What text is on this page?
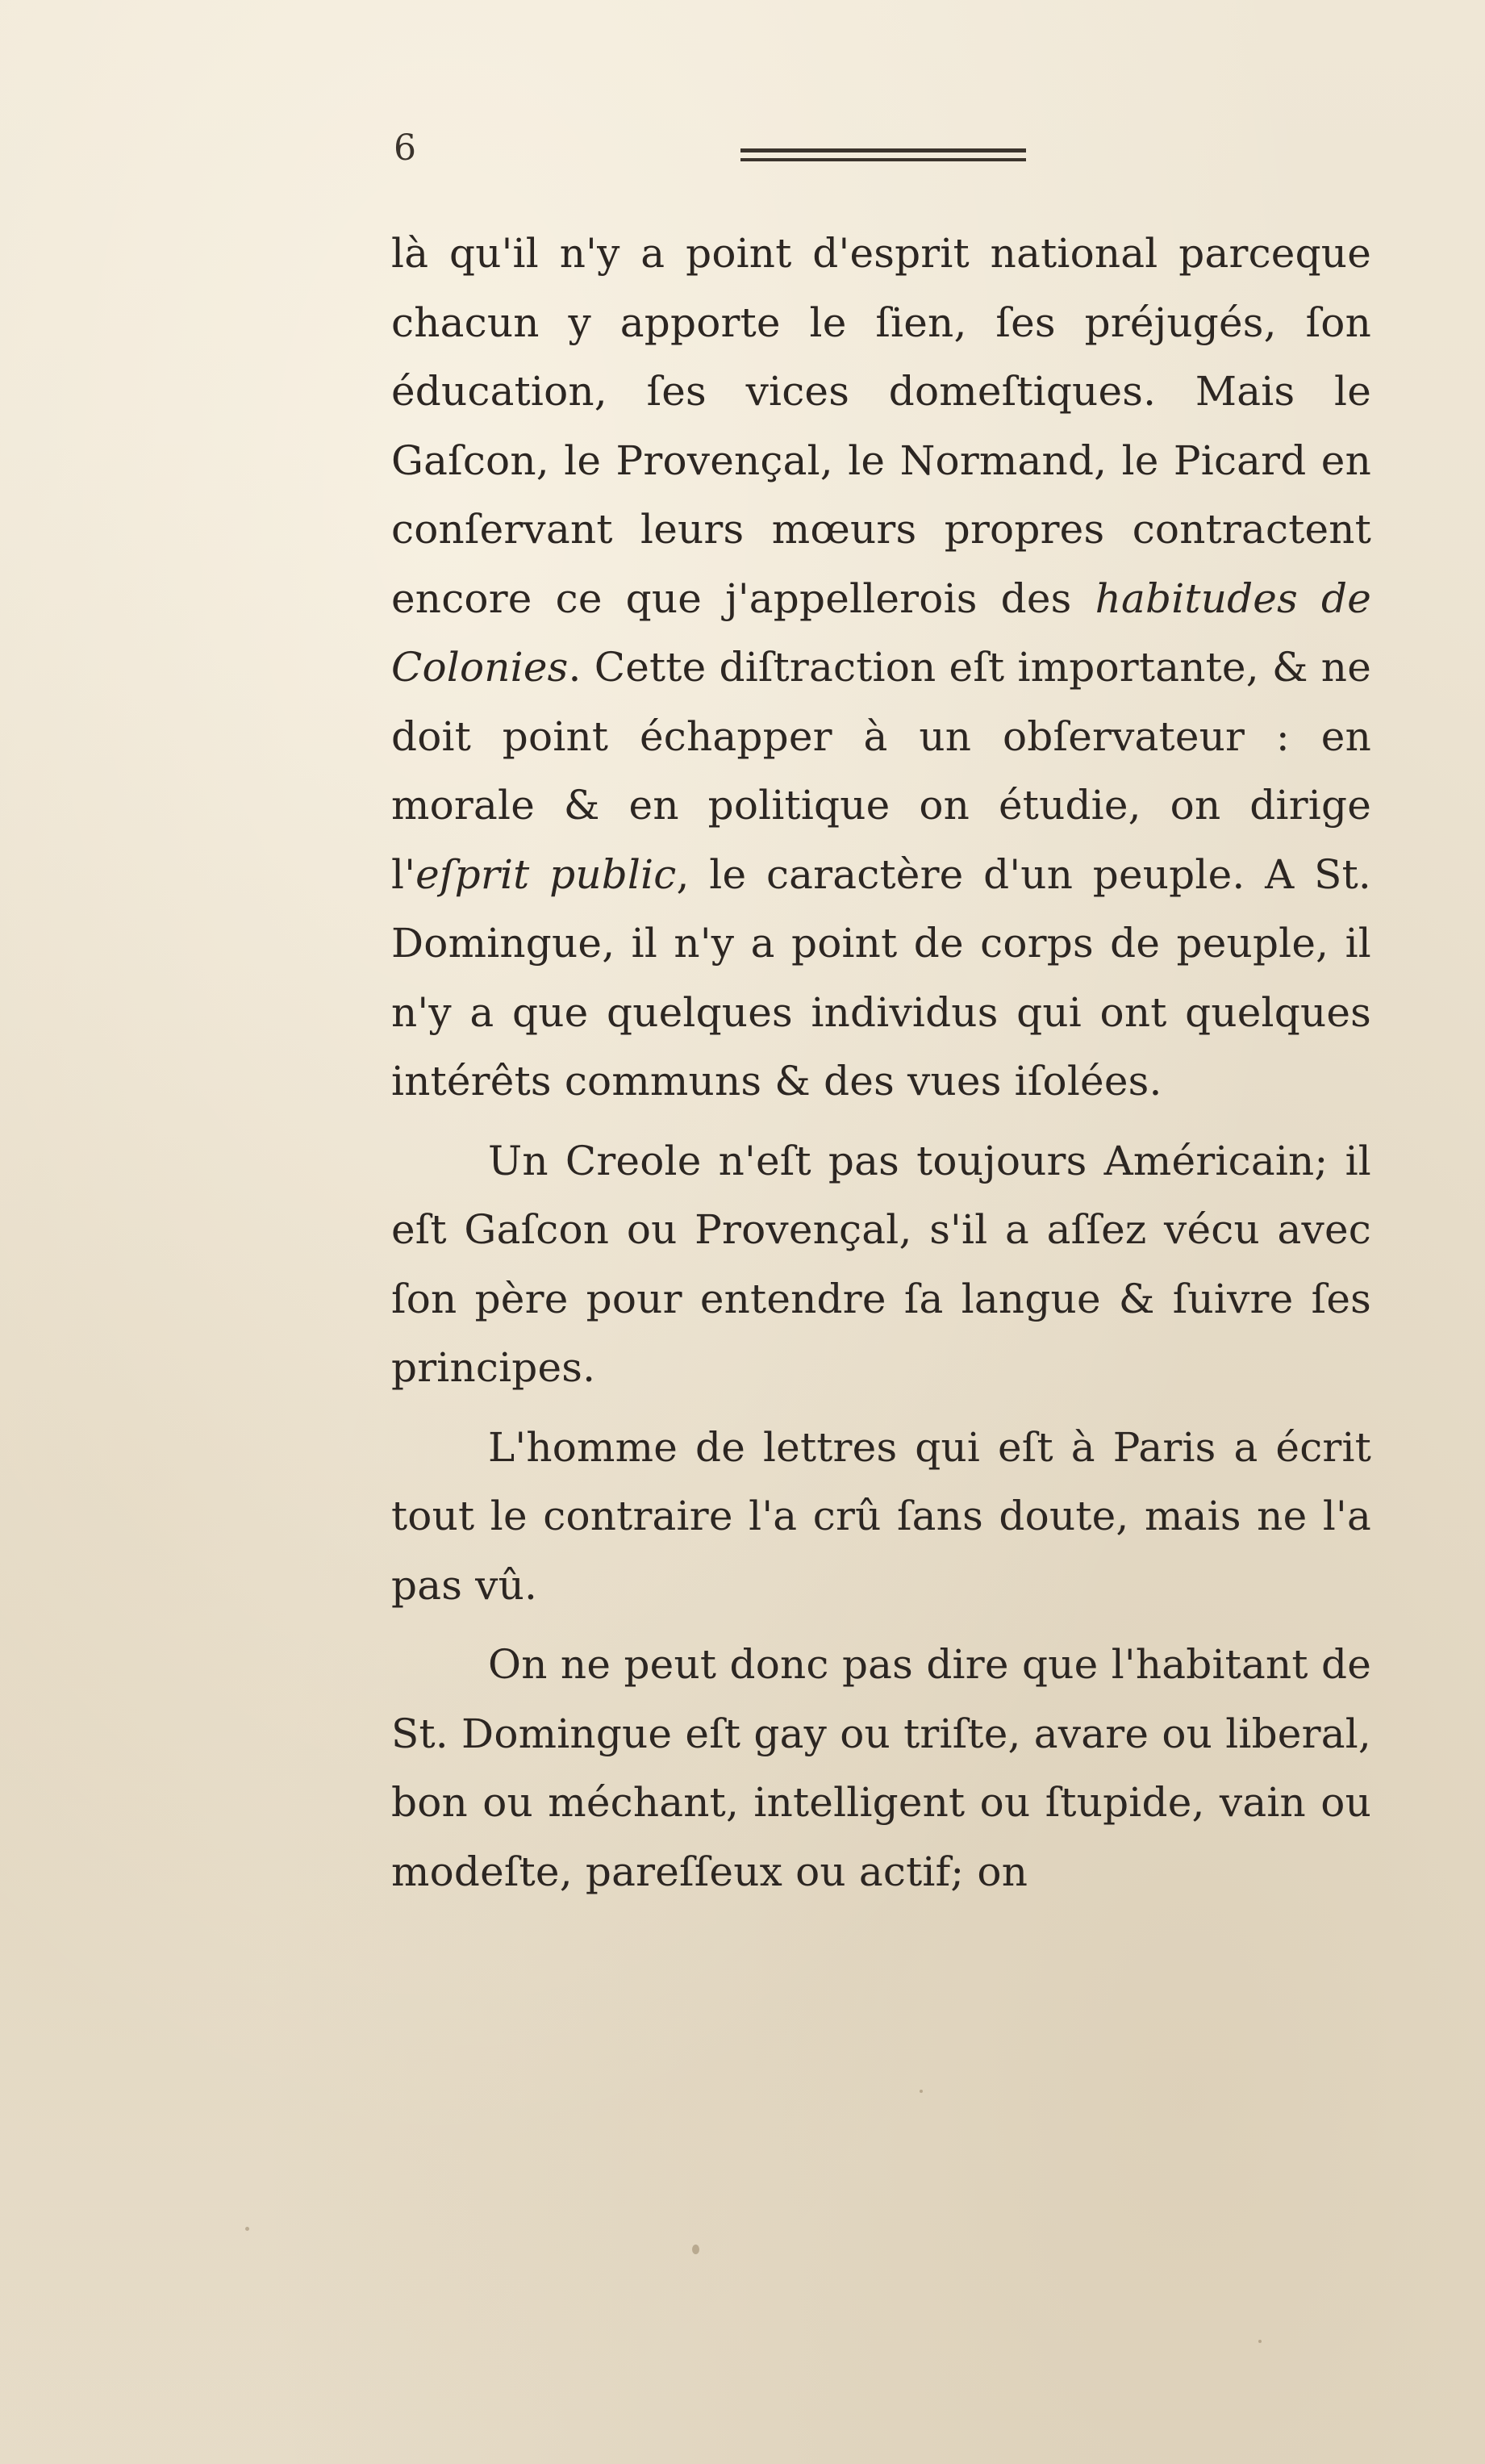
6

là qu'il n'y a point d'esprit national parceque chacun y apporte le ſien, ſes préjugés, ſon éducation, ſes vices domeſtiques. Mais le Gaſcon, le Provençal, le Normand, le Picard en conſervant leurs mœurs propres contractent encore ce que j'appellerois des habitudes de Colonies. Cette diſtraction eſt importante, & ne doit point échapper à un obſervateur : en morale & en politique on étudie, on dirige l'eſprit public, le caractère d'un peuple. A St. Domingue, il n'y a point de corps de peuple, il n'y a que quelques individus qui ont quelques intérêts communs & des vues iſolées.

Un Creole n'eſt pas toujours Américain; il eſt Gaſcon ou Provençal, s'il a aſſez vécu avec ſon père pour entendre ſa langue & ſuivre ſes principes.

L'homme de lettres qui eſt à Paris a écrit tout le contraire l'a crû ſans doute, mais ne l'a pas vû.

On ne peut donc pas dire que l'habitant de St. Domingue eſt gay ou triſte, avare ou liberal, bon ou méchant, intelligent ou ſtupide, vain ou modeſte, pareſſeux ou actif; on
